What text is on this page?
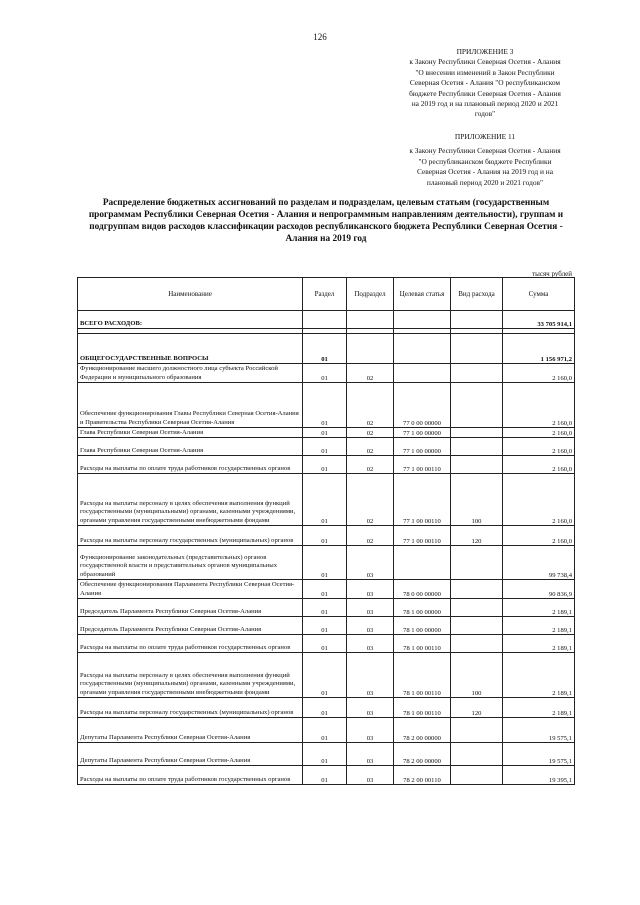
126
ПРИЛОЖЕНИЕ 3
к Закону Республики Северная Осетия - Алания
"О внесении изменений в Закон Республики
Северная Осетия - Алания "О республиканском
бюджете Республики Северная Осетия - Алания
на 2019 год и на плановый период 2020 и 2021
годов"
ПРИЛОЖЕНИЕ 11
к Закону Республики Северная Осетия - Алания
"О республиканском бюджете Республики
Северная Осетия - Алания на 2019 год и на
плановый период 2020 и 2021 годов"
Распределение бюджетных ассигнований по разделам и подразделам, целевым статьям (государственным программам Республики Северная Осетия - Алания и непрограммным направлениям деятельности), группам и подгруппам видов расходов классификации расходов республиканского бюджета Республики Северная Осетия - Алания на 2019 год
тысяч рублей
Наименование	Раздел	Подраздел	Целевая статья	Вид расхода	Сумма
ВСЕГО РАСХОДОВ:					33 705 914,1

ОБЩЕГОСУДАРСТВЕННЫЕ ВОПРОСЫ	01				1 156 971,2
Функционирование высшего должностного лица субъекта Российской Федерации и муниципального образования	01	02			2 160,0
Обеспечение функционирования Главы Республики Северная Осетия-Алания и Правительства Республики Северная Осетия-Алания	01	02	77 0 00 00000		2 160,0
Глава Республики Северная Осетия-Алания	01	02	77 1 00 00000		2 160,0
Глава Республики Северная Осетия-Алания	01	02	77 1 00 00000		2 160,0
Расходы на выплаты по оплате труда работников государственных органов	01	02	77 1 00 00110		2 160,0
Расходы на выплаты персоналу в целях обеспечения выполнения функций государственными (муниципальными) органами, казенными учреждениями, органами управления государственными внебюджетными фондами	01	02	77 1 00 00110	100	2 160,0
Расходы на выплаты персоналу государственных (муниципальных) органов	01	02	77 1 00 00110	120	2 160,0
Функционирование законодательных (представительных) органов государственной власти и представительных органов муниципальных образований	01	03			99 738,4
Обеспечение функционирования Парламента Республики Северная Осетия-Алания	01	03	78 0 00 00000		90 836,9
Председатель Парламента Республики Северная Осетия-Алания	01	03	78 1 00 00000		2 189,1
Председатель Парламента Республики Северная Осетия-Алания	01	03	78 1 00 00000		2 189,1
Расходы на выплаты по оплате труда работников государственных органов	01	03	78 1 00 00110		2 189,1
Расходы на выплаты персоналу в целях обеспечения выполнения функций государственными (муниципальными) органами, казенными учреждениями, органами управления государственными внебюджетными фондами	01	03	78 1 00 00110	100	2 189,1
Расходы на выплаты персоналу государственных (муниципальных) органов	01	03	78 1 00 00110	120	2 189,1
Депутаты Парламента Республики Северная Осетия-Алания	01	03	78 2 00 00000		19 575,1
Депутаты Парламента Республики Северная Осетия-Алания	01	03	78 2 00 00000		19 575,1
Расходы на выплаты по оплате труда работников государственных органов	01	03	78 2 00 00110		19 395,1
